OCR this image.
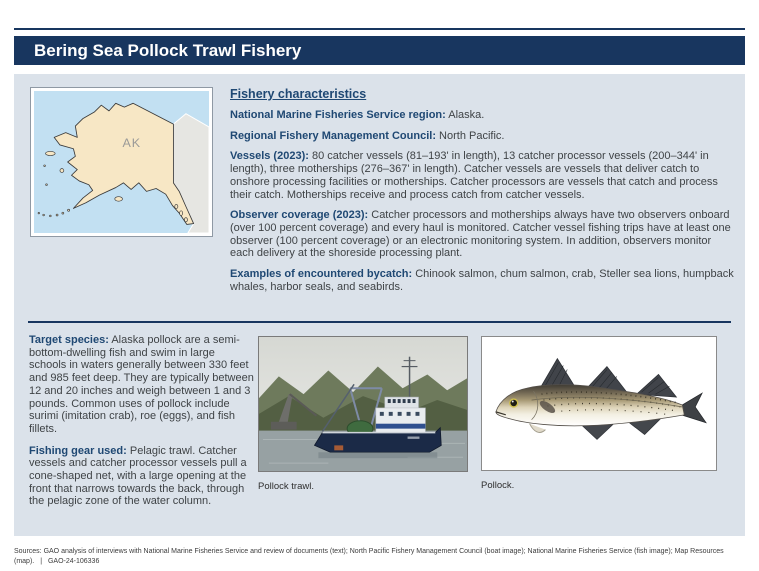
Bering Sea Pollock Trawl Fishery
AK
Fishery characteristics

National Marine Fisheries Service region: Alaska.

Regional Fishery Management Council: North Pacific.

Vessels (2023): 80 catcher vessels (81–193' in length), 13 catcher processor vessels (200–344' in length), three motherships (276–367' in length). Catcher vessels are vessels that deliver catch to onshore processing facilities or motherships. Catcher processors are vessels that catch and process their catch. Motherships receive and process catch from catcher vessels.

Observer coverage (2023): Catcher processors and motherships always have two observers onboard (over 100 percent coverage) and every haul is monitored. Catcher vessel fishing trips have at least one observer (100 percent coverage) or an electronic monitoring system. In addition, observers monitor each delivery at the shoreside processing plant.

Examples of encountered bycatch: Chinook salmon, chum salmon, crab, Steller sea lions, humpback whales, harbor seals, and seabirds.

Target species: Alaska pollock are a semi-bottom-dwelling fish and swim in large schools in waters generally between 330 feet and 985 feet deep. They are typically between 12 and 20 inches and weigh between 1 and 3 pounds. Common uses of pollock include surimi (imitation crab), roe (eggs), and fish fillets.

Fishing gear used: Pelagic trawl. Catcher vessels and catcher processor vessels pull a cone-shaped net, with a large opening at the front that narrows towards the back, through the pelagic zone of the water column.

Pollock trawl.	Pollock.
Sources: GAO analysis of interviews with National Marine Fisheries Service and review of documents (text); North Pacific Fishery Management Council (boat image); National Marine Fisheries Service (fish image); Map Resources (map). | GAO-24-106336
